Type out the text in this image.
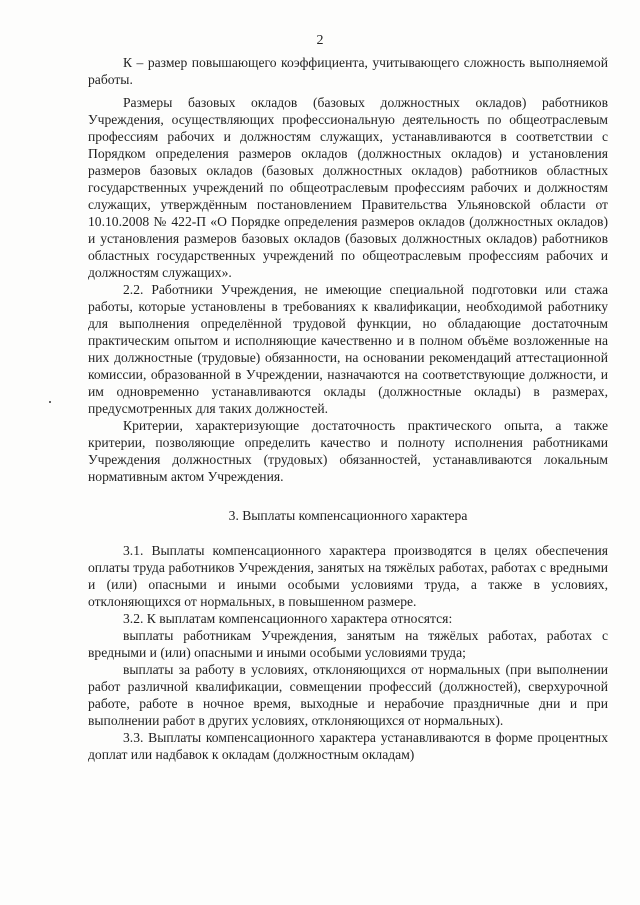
2

К – размер повышающего коэффициента, учитывающего сложность выполняемой работы.

Размеры базовых окладов (базовых должностных окладов) работников Учреждения, осуществляющих профессиональную деятельность по общеотраслевым профессиям рабочих и должностям служащих, устанавливаются в соответствии с Порядком определения размеров окладов (должностных окладов) и установления размеров базовых окладов (базовых должностных окладов) работников областных государственных учреждений по общеотраслевым профессиям рабочих и должностям служащих, утверждённым постановлением Правительства Ульяновской области от 10.10.2008 № 422-П «О Порядке определения размеров окладов (должностных окладов) и установления размеров базовых окладов (базовых должностных окладов) работников областных государственных учреждений по общеотраслевым профессиям рабочих и должностям служащих».

2.2. Работники Учреждения, не имеющие специальной подготовки или стажа работы, которые установлены в требованиях к квалификации, необходимой работнику для выполнения определённой трудовой функции, но обладающие достаточным практическим опытом и исполняющие качественно и в полном объёме возложенные на них должностные (трудовые) обязанности, на основании рекомендаций аттестационной комиссии, образованной в Учреждении, назначаются на соответствующие должности, и им одновременно устанавливаются оклады (должностные оклады) в размерах, предусмотренных для таких должностей.

Критерии, характеризующие достаточность практического опыта, а также критерии, позволяющие определить качество и полноту исполнения работниками Учреждения должностных (трудовых) обязанностей, устанавливаются локальным нормативным актом Учреждения.

3. Выплаты компенсационного характера

3.1. Выплаты компенсационного характера производятся в целях обеспечения оплаты труда работников Учреждения, занятых на тяжёлых работах, работах с вредными и (или) опасными и иными особыми условиями труда, а также в условиях, отклоняющихся от нормальных, в повышенном размере.

3.2. К выплатам компенсационного характера относятся:

выплаты работникам Учреждения, занятым на тяжёлых работах, работах с вредными и (или) опасными и иными особыми условиями труда;

выплаты за работу в условиях, отклоняющихся от нормальных (при выполнении работ различной квалификации, совмещении профессий (должностей), сверхурочной работе, работе в ночное время, выходные и нерабочие праздничные дни и при выполнении работ в других условиях, отклоняющихся от нормальных).

3.3. Выплаты компенсационного характера устанавливаются в форме процентных доплат или надбавок к окладам (должностным окладам)
